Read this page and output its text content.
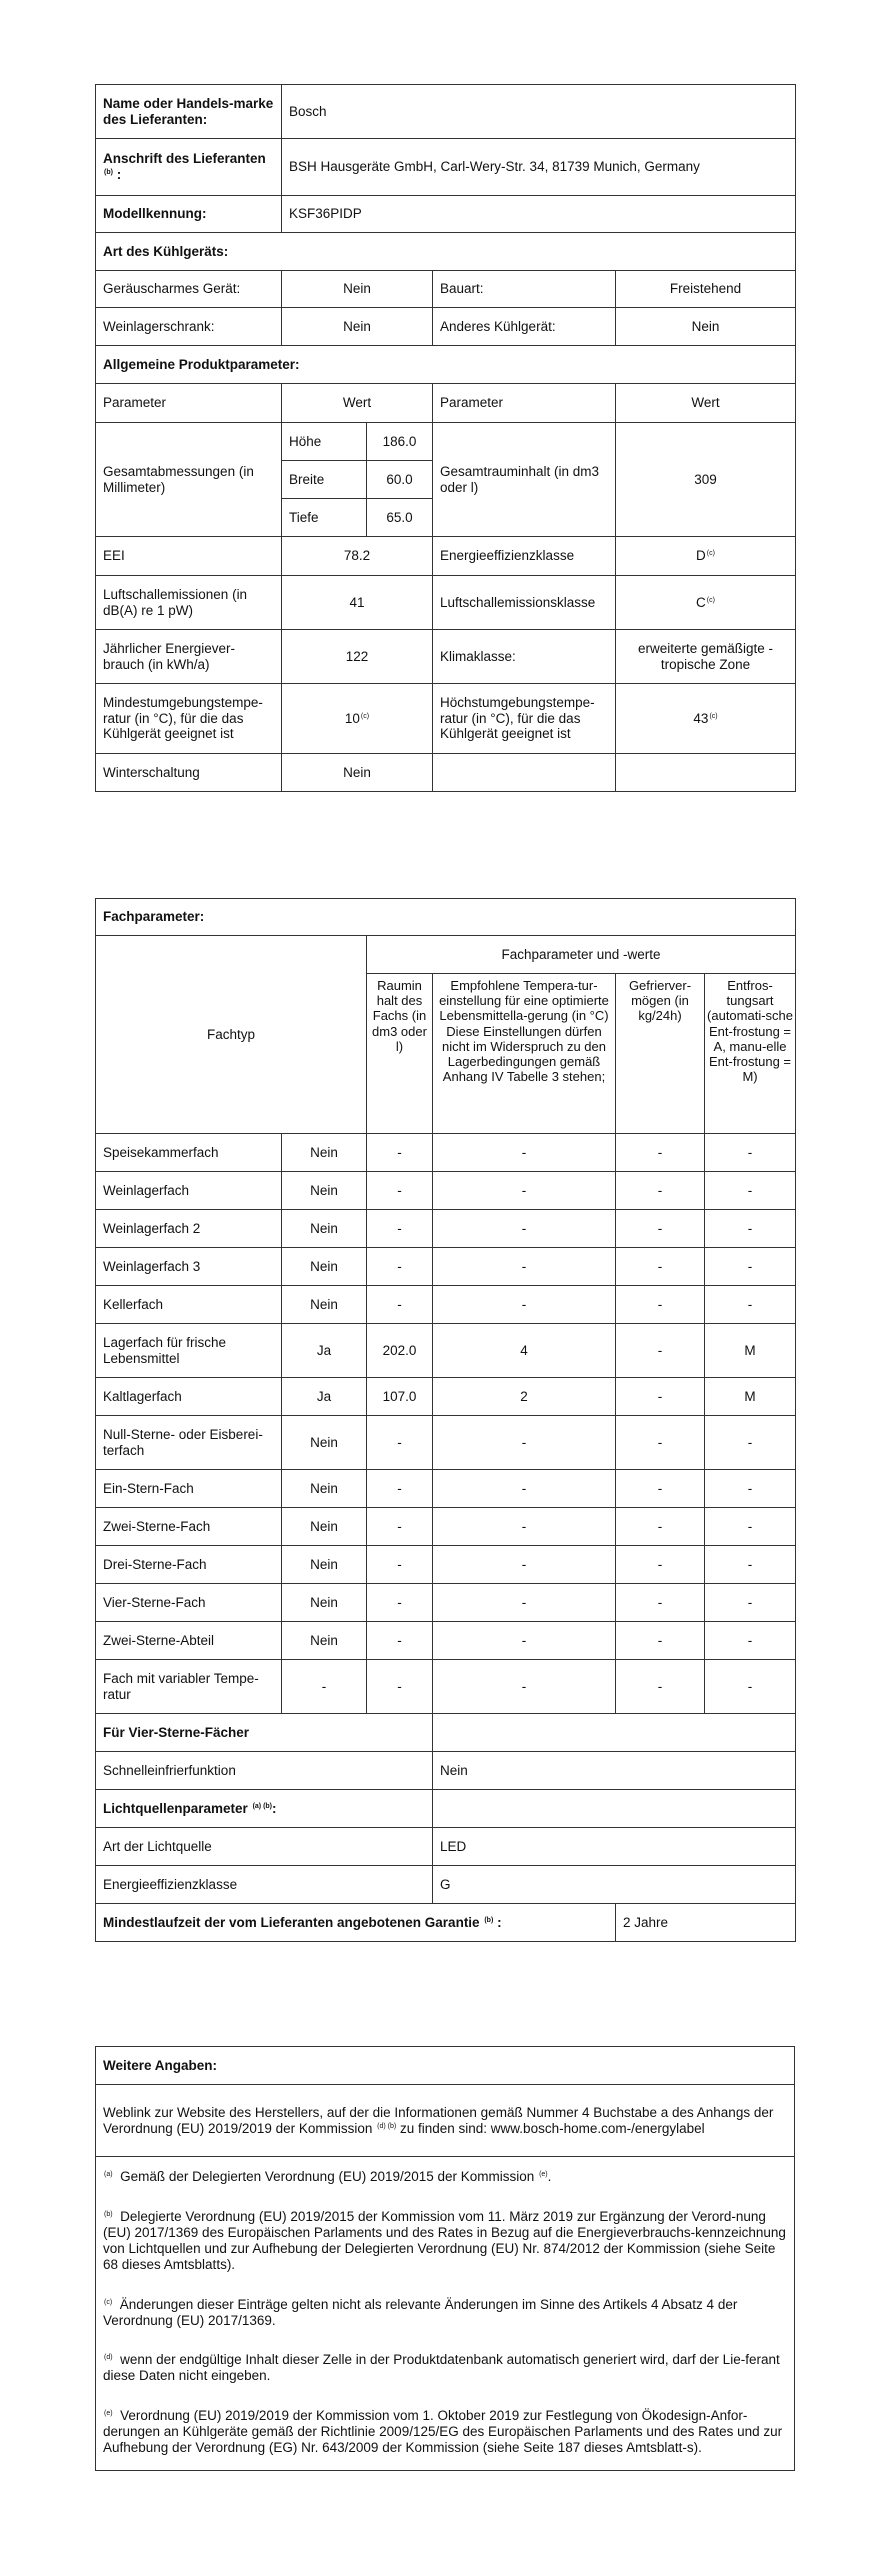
Name oder Handels-marke des Lieferanten:	Bosch			
Anschrift des Lieferanten
$^{(b)}$ :	BSH Hausgeräte GmbH, Carl-Wery-Str. 34, 81739 Munich, Germany			
Modellkennung:	KSF36PIDP			
Art des Kühlgeräts:				
Geräuscharmes Gerät:	Nein		Bauart:	Freistehend
Weinlagerschrank:	Nein		Anderes Kühlgerät:	Nein
Allgemeine Produktparameter:				
Parameter	Wert		Parameter	Wert
Gesamtabmessungen (in Millimeter)	Höhe	186.0	Gesamtrauminhalt (in dm3 oder l)	309
	Breite	60.0		
	Tiefe	65.0		
EEI	78.2		Energieeffizienzklasse	$D^{(c)}$
Luftschallemissionen (in dB(A) re 1 pW)	41		Luftschallemissionsklasse	$C^{(c)}$
Jährlicher Energiever-brauch (in kWh/a)	122		Klimaklasse:	erweiterte gemäßigte - tropische Zone
Mindestumgebungstempe-ratur (in °C), für die das Kühlgerät geeignet ist	10$^{(c)}$		Höchstumgebungstempe-ratur (in °C), für die das Kühlgerät geeignet ist	43$^{(c)}$
Winterschaltung	Nein			
Fachparameter:					
Fachtyp		Fachparameter und -werte			
		Raumin halt des Fachs (in dm3 oder l)	Empfohlene Tempera-tur-einstellung für eine optimierte Lebensmittella-gerung (in °C) Diese Einstellungen dürfen nicht im Widerspruch zu den Lagerbedingungen gemäß Anhang IV Tabelle 3 stehen;	Gefrierver-mögen (in kg/24h)	Entfros-tungsart (automati-sche Ent-frostung = A, manu-elle Ent-frostung = M)
Speisekammerfach	Nein	-	-	-	-
Weinlagerfach	Nein	-	-	-	-
Weinlagerfach 2	Nein	-	-	-	-
Weinlagerfach 3	Nein	-	-	-	-
Kellerfach	Nein	-	-	-	-
Lagerfach für frische Lebensmittel	Ja	202.0	4	-	M
Kaltlagerfach	Ja	107.0	2	-	M
Null-Sterne- oder Eisberei-terfach	Nein	-	-	-	-
Ein-Stern-Fach	Nein	-	-	-	-
Zwei-Sterne-Fach	Nein	-	-	-	-
Drei-Sterne-Fach	Nein	-	-	-	-
Vier-Sterne-Fach	Nein	-	-	-	-
Zwei-Sterne-Abteil	Nein	-	-	-	-
Fach mit variabler Tempe-ratur	-	-	-	-	-
Für Vier-Sterne-Fächer					
Schnelleinfrierfunktion			Nein		
Lichtquellenparameter $^{(a) (b)}$:					
Art der Lichtquelle			LED		
Energieeffizienzklasse			G		
Mindestlaufzeit der vom Lieferanten angebotenen Garantie $^{(b)}$ :				2 Jahre	
Weitere Angaben:
Weblink zur Website des Herstellers, auf der die Informationen gemäß Nummer 4 Buchstabe a des Anhangs der Verordnung (EU) 2019/2019 der Kommission $^{(d) (b)}$ zu finden sind: www.bosch-home.com-/energylabel
$^{(a)}$ Gemäß der Delegierten Verordnung (EU) 2019/2015 der Kommission $^{(e)}$.
$^{(b)}$ Delegierte Verordnung (EU) 2019/2015 der Kommission vom 11. März 2019 zur Ergänzung der Verord-nung (EU) 2017/1369 des Europäischen Parlaments und des Rates in Bezug auf die Energieverbrauchs-kennzeichnung von Lichtquellen und zur Aufhebung der Delegierten Verordnung (EU) Nr. 874/2012 der Kommission (siehe Seite 68 dieses Amtsblatts).
$^{(c)}$ Änderungen dieser Einträge gelten nicht als relevante Änderungen im Sinne des Artikels 4 Absatz 4 der Verordnung (EU) 2017/1369.
$^{(d)}$ wenn der endgültige Inhalt dieser Zelle in der Produktdatenbank automatisch generiert wird, darf der Lie-ferant diese Daten nicht eingeben.
$^{(e)}$ Verordnung (EU) 2019/2019 der Kommission vom 1. Oktober 2019 zur Festlegung von Ökodesign-Anfor-derungen an Kühlgeräte gemäß der Richtlinie 2009/125/EG des Europäischen Parlaments und des Rates und zur Aufhebung der Verordnung (EG) Nr. 643/2009 der Kommission (siehe Seite 187 dieses Amtsblatt-s).
